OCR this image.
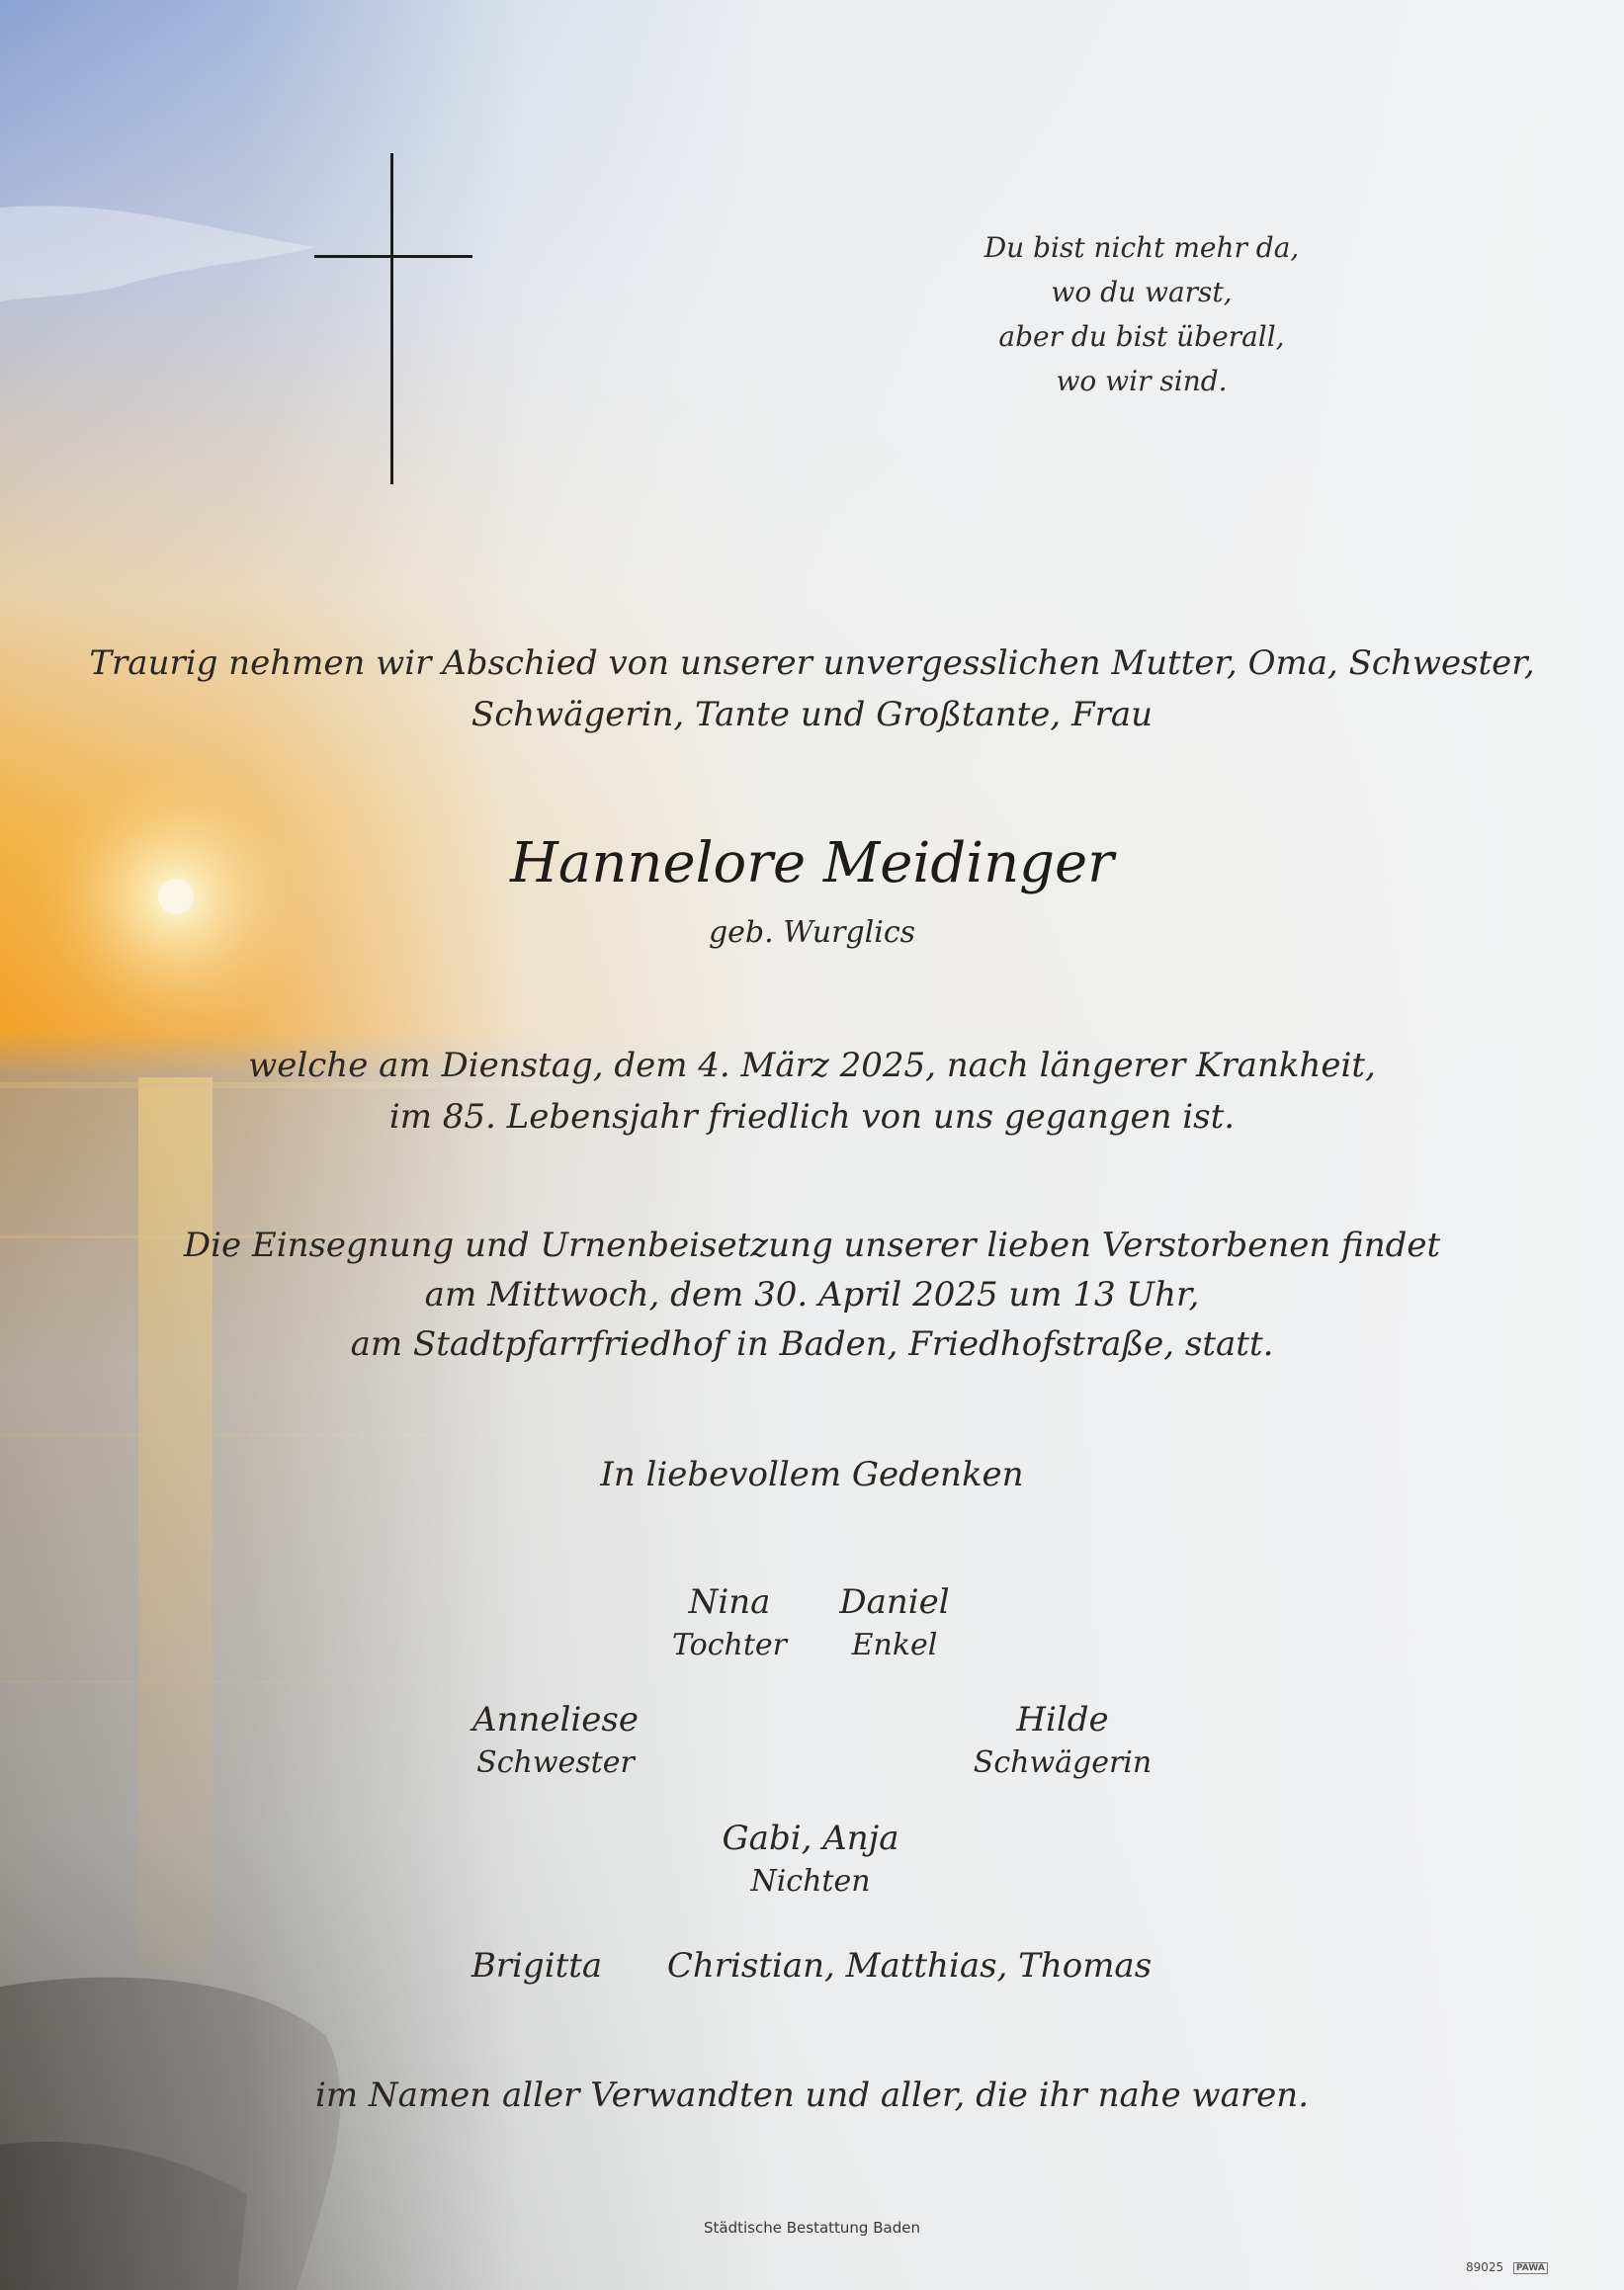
Du bist nicht mehr da,
wo du warst,
aber du bist überall,
wo wir sind.
Traurig nehmen wir Abschied von unserer unvergesslichen Mutter, Oma, Schwester,
Schwägerin, Tante und Großtante, Frau
Hannelore Meidinger
geb. Wurglics
welche am Dienstag, dem 4. März 2025, nach längerer Krankheit,
im 85. Lebensjahr friedlich von uns gegangen ist.
Die Einsegnung und Urnenbeisetzung unserer lieben Verstorbenen findet
am Mittwoch, dem 30. April 2025 um 13 Uhr,
am Stadtpfarrfriedhof in Baden, Friedhofstraße, statt.
In liebevollem Gedenken
Nina
Tochter
Daniel
Enkel
Anneliese
Schwester
Hilde
Schwägerin
Gabi, Anja
Nichten
Brigitta	Christian, Matthias, Thomas
im Namen aller Verwandten und aller, die ihr nahe waren.
Städtische Bestattung Baden
89025 PAWA
